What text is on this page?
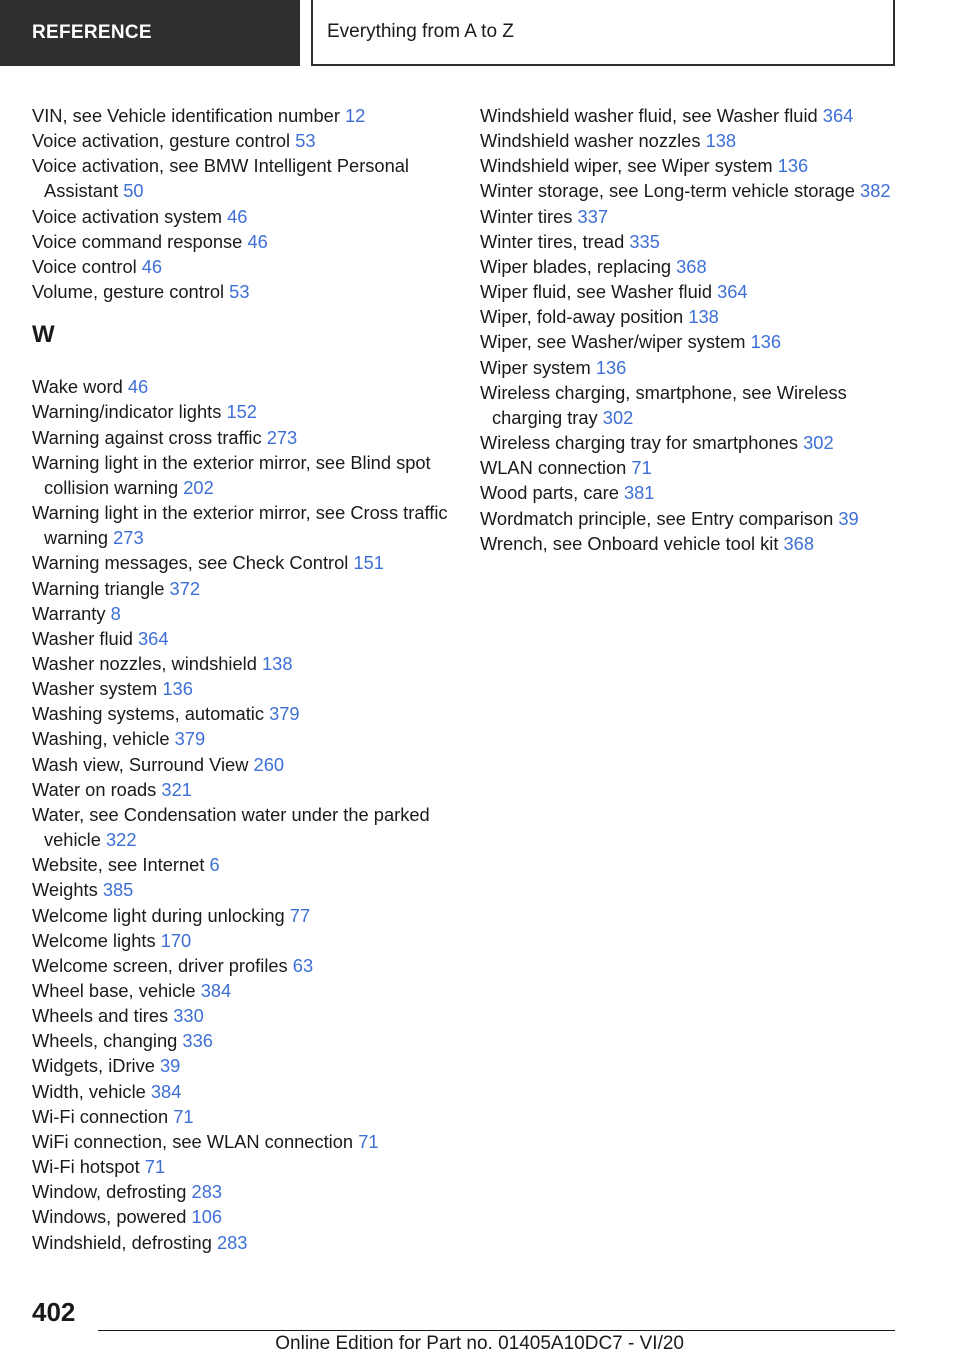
REFERENCE	Everything from A to Z
VIN, see Vehicle identification number 12
Voice activation, gesture control 53
Voice activation, see BMW Intelligent Personal Assistant 50
Voice activation system 46
Voice command response 46
Voice control 46
Volume, gesture control 53
W
Wake word 46
Warning/indicator lights 152
Warning against cross traffic 273
Warning light in the exterior mirror, see Blind spot collision warning 202
Warning light in the exterior mirror, see Cross traffic warning 273
Warning messages, see Check Control 151
Warning triangle 372
Warranty 8
Washer fluid 364
Washer nozzles, windshield 138
Washer system 136
Washing systems, automatic 379
Washing, vehicle 379
Wash view, Surround View 260
Water on roads 321
Water, see Condensation water under the parked vehicle 322
Website, see Internet 6
Weights 385
Welcome light during unlocking 77
Welcome lights 170
Welcome screen, driver profiles 63
Wheel base, vehicle 384
Wheels and tires 330
Wheels, changing 336
Widgets, iDrive 39
Width, vehicle 384
Wi-Fi connection 71
WiFi connection, see WLAN connection 71
Wi-Fi hotspot 71
Window, defrosting 283
Windows, powered 106
Windshield, defrosting 283
Windshield washer fluid, see Washer fluid 364
Windshield washer nozzles 138
Windshield wiper, see Wiper system 136
Winter storage, see Long-term vehicle storage 382
Winter tires 337
Winter tires, tread 335
Wiper blades, replacing 368
Wiper fluid, see Washer fluid 364
Wiper, fold-away position 138
Wiper, see Washer/wiper system 136
Wiper system 136
Wireless charging, smartphone, see Wireless charging tray 302
Wireless charging tray for smartphones 302
WLAN connection 71
Wood parts, care 381
Wordmatch principle, see Entry comparison 39
Wrench, see Onboard vehicle tool kit 368
402
Online Edition for Part no. 01405A10DC7 - VI/20
